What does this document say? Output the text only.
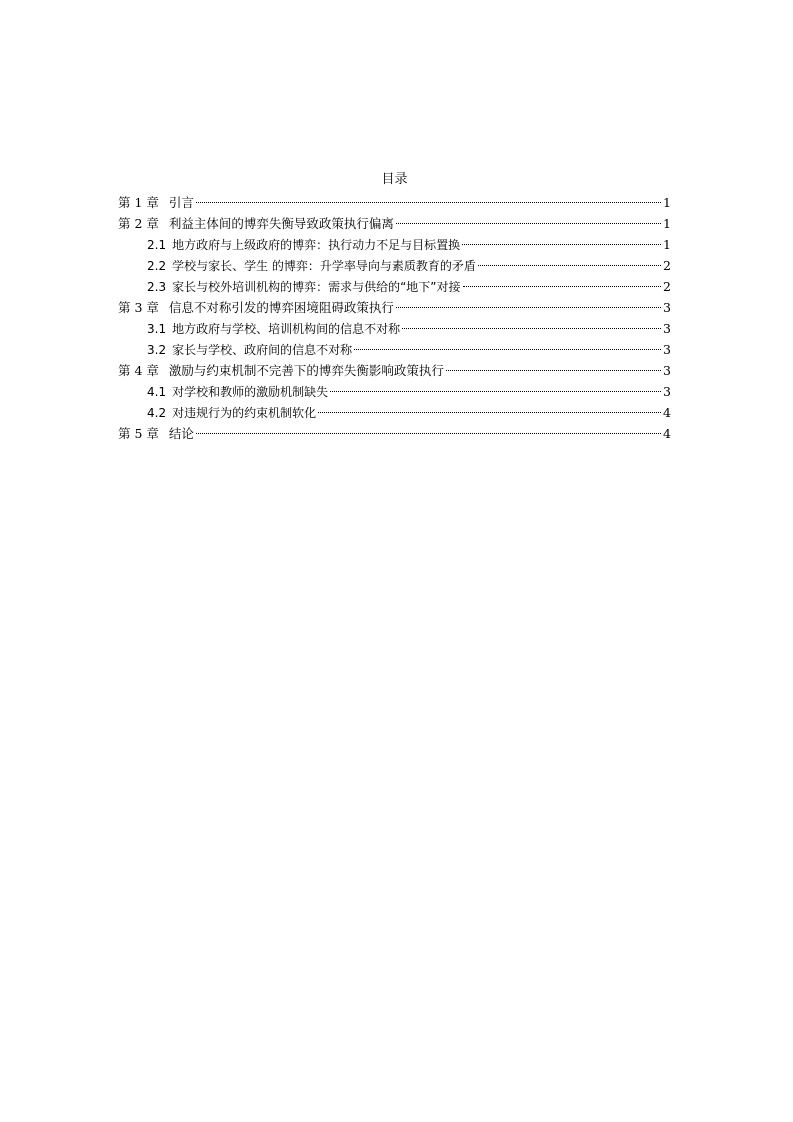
目录
第 1 章 引言	1
第 2 章 利益主体间的博弈失衡导致政策执行偏离	1
2.1 地方政府与上级政府的博弈：执行动力不足与目标置换	1
2.2 学校与家长、学生 的博弈：升学率导向与素质教育的矛盾	2
2.3 家长与校外培训机构的博弈：需求与供给的“地下”对接	2
第 3 章 信息不对称引发的博弈困境阻碍政策执行	3
3.1 地方政府与学校、培训机构间的信息不对称	3
3.2 家长与学校、政府间的信息不对称	3
第 4 章 激励与约束机制不完善下的博弈失衡影响政策执行	3
4.1 对学校和教师的激励机制缺失	3
4.2 对违规行为的约束机制软化	4
第 5 章 结论	4
